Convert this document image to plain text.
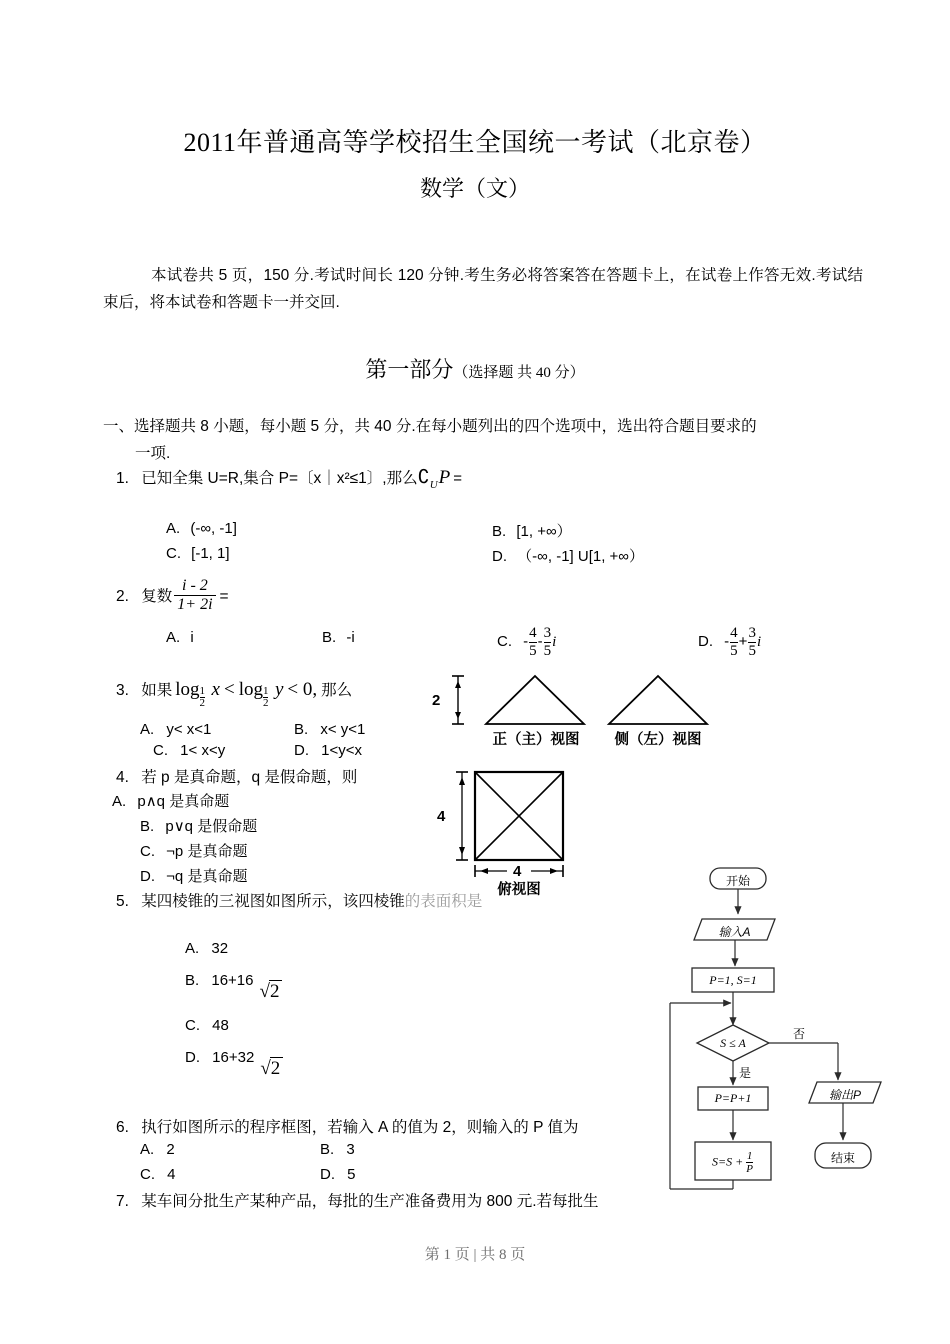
2011年普通高等学校招生全国统一考试（北京卷）
数学（文）
本试卷共 5 页，150 分.考试时间长 120 分钟.考生务必将答案答在答题卡上，在试卷上作答无效.考试结束后，将本试卷和答题卡一并交回.
第一部分（选择题 共 40 分）
一、选择题共 8 小题，每小题 5 分，共 40 分.在每小题列出的四个选项中，选出符合题目要求的
一项.
1. 已知全集 U=R,集合 P=〔x｜x²≤1〕,那么$∁_UP$ =
A. (-∞, -1]	B. [1, +∞）
C. [-1, 1]	D. （-∞, -1] U[1, +∞）
2. 复数 $\frac{i - 2}{1+ 2i}$ =
A. i	B. -i	C. - $\frac{4}{5} - \frac{3}{5}$ i	D. - $\frac{4}{5} + \frac{3}{5}$ i
3. 如果 $\log \frac{1}{2}$ $x < \log \frac{1}{2}$ y < 0, 那么
A. y< x<1	B. x< y<1
C. 1< x<y	D. 1<y<x
4. 若 p 是真命题，q 是假命题，则
A. p∧q 是真命题
B. p∨q 是假命题
C. ¬p 是真命题
D. ¬q 是真命题
5. 某四棱锥的三视图如图所示，该四棱锥的表面积是
A. 32
B. 16+16√2
C. 48
D. 16+32√2
6. 执行如图所示的程序框图，若输入 A 的值为 2，则输入的 P 值为
A. 2	B. 3
C. 4	D. 5
7. 某车间分批生产某种产品，每批的生产准备费用为 800 元.若每批生
2
正（主）视图	侧（左）视图
4
4
俯视图
开始
输入A
P=1, S=1
S ≤ A
是
否
P=P+1
$S=S + \frac{1}{P}$
输出P
结束
第 1 页 | 共 8 页
